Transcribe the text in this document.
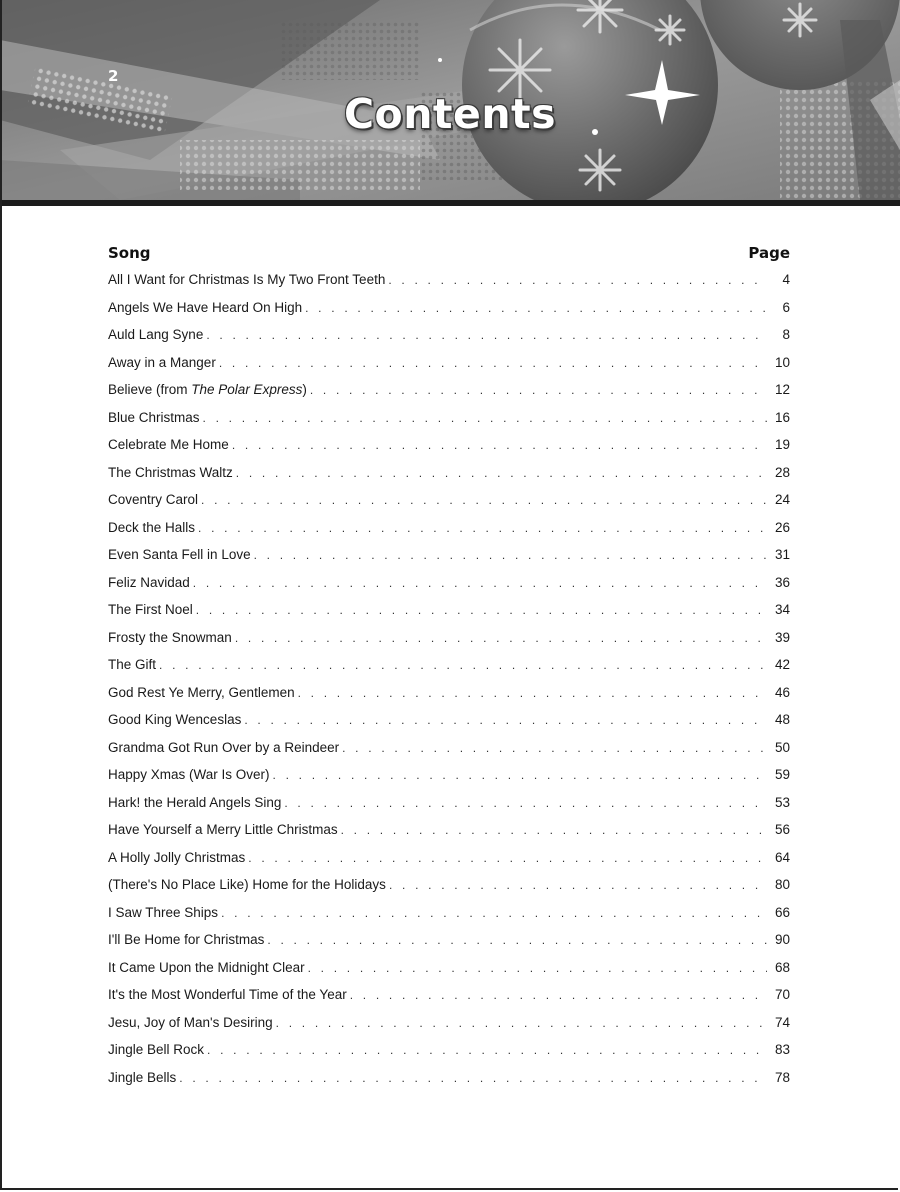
2
Contents
Song	Page
All I Want for Christmas Is My Two Front Teeth . . .	4
Angels We Have Heard On High . . .	6
Auld Lang Syne . . .	8
Away in a Manger . . .	10
Believe (from The Polar Express) . . .	12
Blue Christmas . . .	16
Celebrate Me Home . . .	19
The Christmas Waltz . . .	28
Coventry Carol . . .	24
Deck the Halls . . .	26
Even Santa Fell in Love . . .	31
Feliz Navidad . . .	36
The First Noel . . .	34
Frosty the Snowman . . .	39
The Gift . . .	42
God Rest Ye Merry, Gentlemen . . .	46
Good King Wenceslas . . .	48
Grandma Got Run Over by a Reindeer . . .	50
Happy Xmas (War Is Over) . . .	59
Hark! the Herald Angels Sing . . .	53
Have Yourself a Merry Little Christmas . . .	56
A Holly Jolly Christmas . . .	64
(There's No Place Like) Home for the Holidays . . .	80
I Saw Three Ships . . .	66
I'll Be Home for Christmas . . .	90
It Came Upon the Midnight Clear . . .	68
It's the Most Wonderful Time of the Year . . .	70
Jesu, Joy of Man's Desiring . . .	74
Jingle Bell Rock . . .	83
Jingle Bells . . .	78
